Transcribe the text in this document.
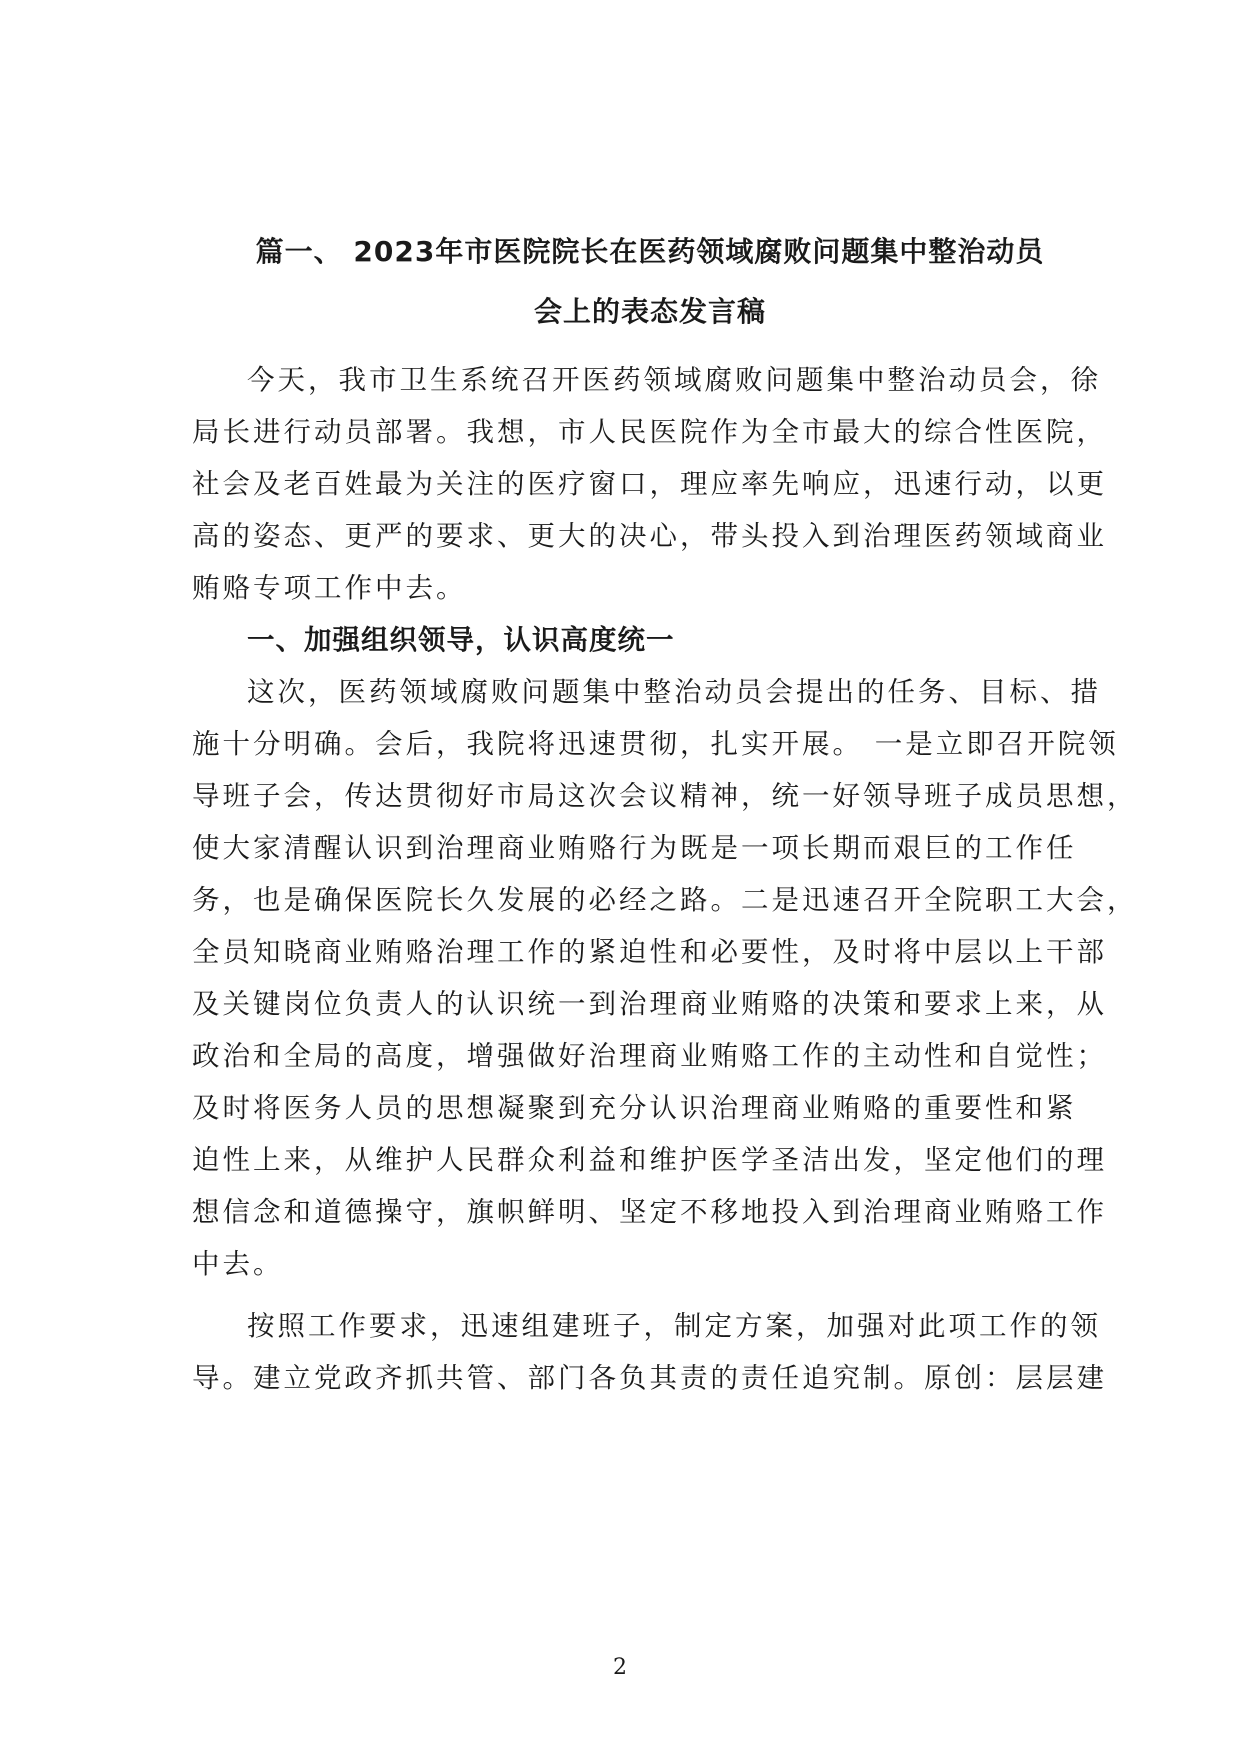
篇一、 2023年市医院院长在医药领域腐败问题集中整治动员
会上的表态发言稿
今天，我市卫生系统召开医药领域腐败问题集中整治动员会，徐
局长进行动员部署。我想，市人民医院作为全市最大的综合性医院，
社会及老百姓最为关注的医疗窗口，理应率先响应，迅速行动，以更
高的姿态、更严的要求、更大的决心，带头投入到治理医药领域商业
贿赂专项工作中去。
一、加强组织领导，认识高度统一
这次，医药领域腐败问题集中整治动员会提出的任务、目标、措
施十分明确。会后，我院将迅速贯彻，扎实开展。 一是立即召开院领
导班子会，传达贯彻好市局这次会议精神，统一好领导班子成员思想，
使大家清醒认识到治理商业贿赂行为既是一项长期而艰巨的工作任
务，也是确保医院长久发展的必经之路。二是迅速召开全院职工大会，
全员知晓商业贿赂治理工作的紧迫性和必要性，及时将中层以上干部
及关键岗位负责人的认识统一到治理商业贿赂的决策和要求上来，从
政治和全局的高度，增强做好治理商业贿赂工作的主动性和自觉性；
及时将医务人员的思想凝聚到充分认识治理商业贿赂的重要性和紧
迫性上来，从维护人民群众利益和维护医学圣洁出发，坚定他们的理
想信念和道德操守，旗帜鲜明、坚定不移地投入到治理商业贿赂工作
中去。
按照工作要求，迅速组建班子，制定方案，加强对此项工作的领
导。建立党政齐抓共管、部门各负其责的责任追究制。原创：层层建
2
